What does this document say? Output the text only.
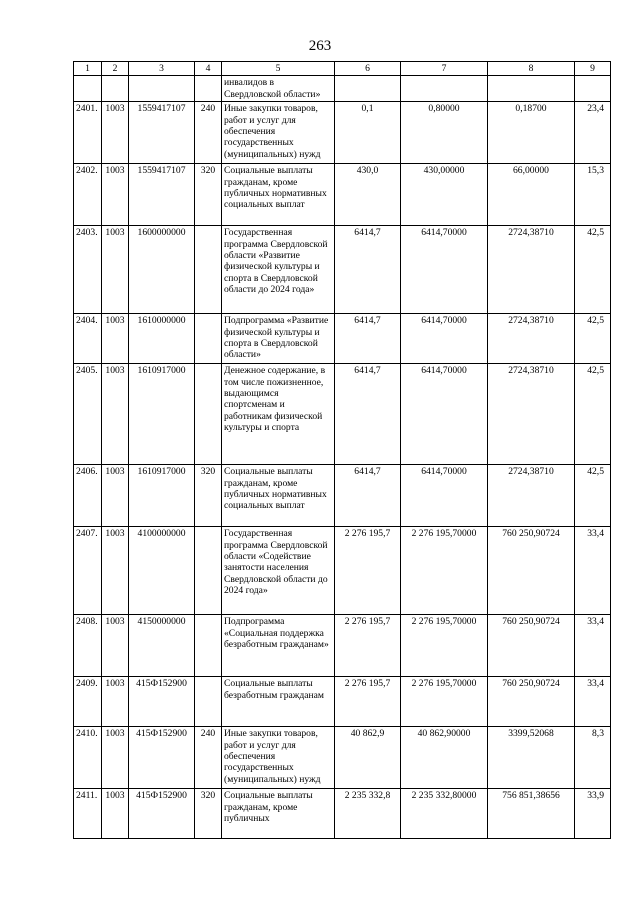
263
1	2	3	4	5	6	7	8	9
				инвалидов в Свердловской области»				
2401.	1003	1559417107	240	Иные закупки товаров, работ и услуг для обеспечения государственных (муниципальных) нужд	0,1	0,80000	0,18700	23,4
2402.	1003	1559417107	320	Социальные выплаты гражданам, кроме публичных нормативных социальных выплат	430,0	430,00000	66,00000	15,3
2403.	1003	1600000000		Государственная программа Свердловской области «Развитие физической культуры и спорта в Свердловской области до 2024 года»	6414,7	6414,70000	2724,38710	42,5
2404.	1003	1610000000		Подпрограмма «Развитие физической культуры и спорта в Свердловской области»	6414,7	6414,70000	2724,38710	42,5
2405.	1003	1610917000		Денежное содержание, в том числе пожизненное, выдающимся спортсменам и работникам физической культуры и спорта	6414,7	6414,70000	2724,38710	42,5
2406.	1003	1610917000	320	Социальные выплаты гражданам, кроме публичных нормативных социальных выплат	6414,7	6414,70000	2724,38710	42,5
2407.	1003	4100000000		Государственная программа Свердловской области «Содействие занятости населения Свердловской области до 2024 года»	2 276 195,7	2 276 195,70000	760 250,90724	33,4
2408.	1003	4150000000		Подпрограмма «Социальная поддержка безработным гражданам»	2 276 195,7	2 276 195,70000	760 250,90724	33,4
2409.	1003	415Ф152900		Социальные выплаты безработным гражданам	2 276 195,7	2 276 195,70000	760 250,90724	33,4
2410.	1003	415Ф152900	240	Иные закупки товаров, работ и услуг для обеспечения государственных (муниципальных) нужд	40 862,9	40 862,90000	3399,52068	8,3
2411.	1003	415Ф152900	320	Социальные выплаты гражданам, кроме публичных	2 235 332,8	2 235 332,80000	756 851,38656	33,9
